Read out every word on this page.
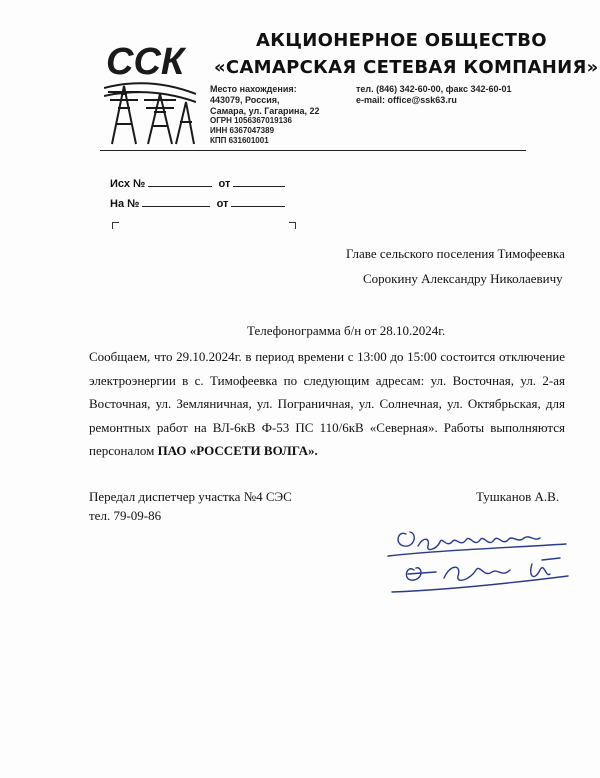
ССК
АКЦИОНЕРНОЕ ОБЩЕСТВО
«САМАРСКАЯ СЕТЕВАЯ КОМПАНИЯ»
Место нахождения:
443079, Россия,
Самара, ул. Гагарина, 22
тел. (846) 342-60-00, факс 342-60-01
e-mail: office@ssk63.ru
ОГРН 1056367019136
ИНН 6367047389
КПП 631601001
Исх №	от
На №	от
Главе сельского поселения Тимофеевка
Сорокину Александру Николаевичу
Телефонограмма б/н от 28.10.2024г.
Сообщаем, что 29.10.2024г. в период времени с 13:00 до 15:00 состоится отключение электроэнергии в с. Тимофеевка по следующим адресам: ул. Восточная, ул. 2-ая Восточная, ул. Земляничная, ул. Пограничная, ул. Солнечная, ул. Октябрьская, для ремонтных работ на ВЛ-6кВ Ф-53 ПС 110/6кВ «Северная». Работы выполняются персоналом ПАО «РОССЕТИ ВОЛГА».
Передал диспетчер участка №4 СЭС
тел. 79-09-86
Тушканов А.В.
